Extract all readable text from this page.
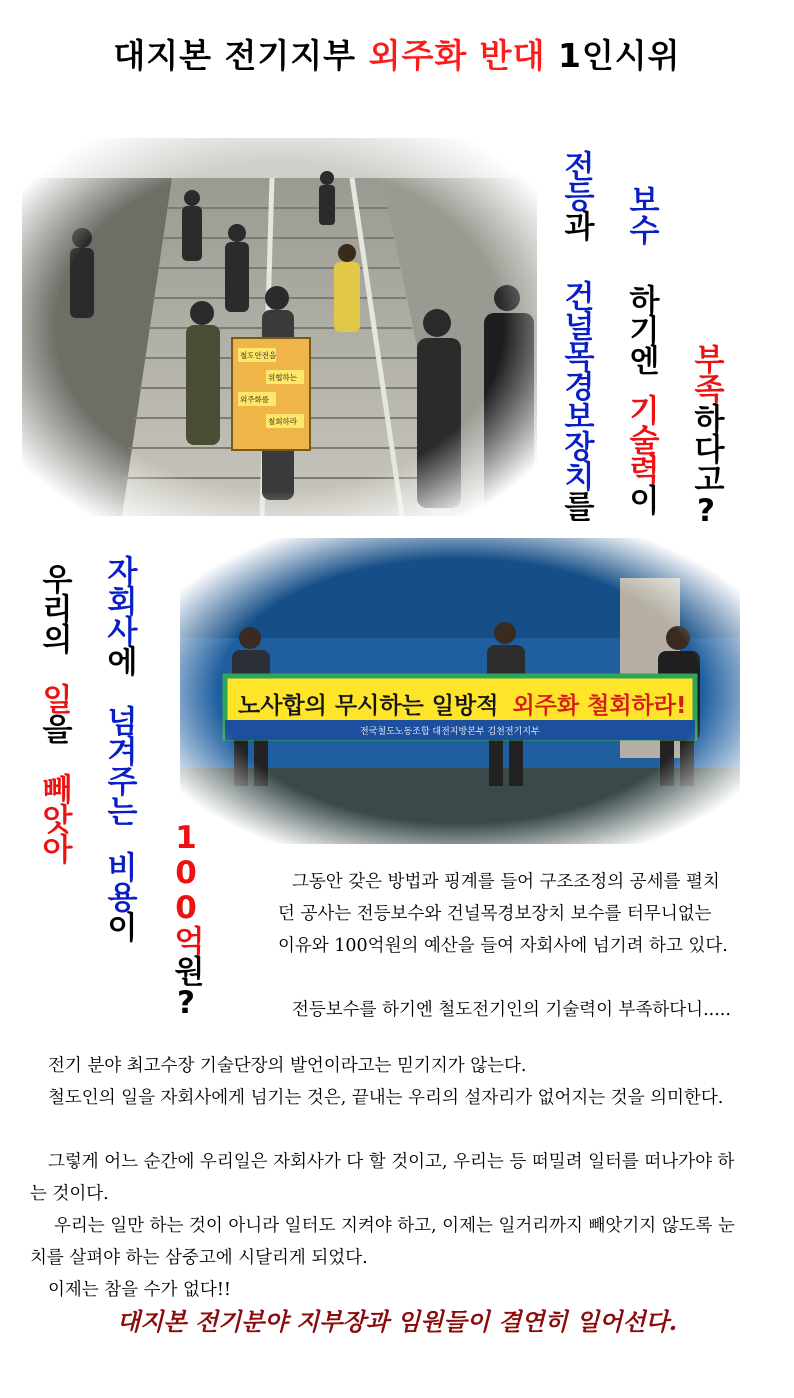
대지본 전기지부 외주화 반대 1인시위
전등과건널목경보장치를
보수하기엔기술력이
부족하다고?
우리의일을빼앗아
자회사에넘겨주는비용이 100억원?

그동안 갖은 방법과 핑계를 들어 구조조정의 공세를 펼치던 공사는 전등보수와 건널목경보장치 보수를 터무니없는 이유와 100억원의 예산을 들여 자회사에 넘기려 하고 있다.

전등보수를 하기엔 철도전기인의 기술력이 부족하다니.....

전기 분야 최고수장 기술단장의 발언이라고는 믿기지가 않는다.

철도인의 일을 자회사에게 넘기는 것은, 끝내는 우리의 설자리가 없어지는 것을 의미한다.

그렇게 어느 순간에 우리일은 자회사가 다 할 것이고, 우리는 등 떠밀려 일터를 떠나가야 하는 것이다.

우리는 일만 하는 것이 아니라 일터도 지켜야 하고, 이제는 일거리까지 빼앗기지 않도록 눈치를 살펴야 하는 삼중고에 시달리게 되었다.

이제는 참을 수가 없다!!

대지본 전기분야 지부장과 임원들이 결연히 일어선다.
